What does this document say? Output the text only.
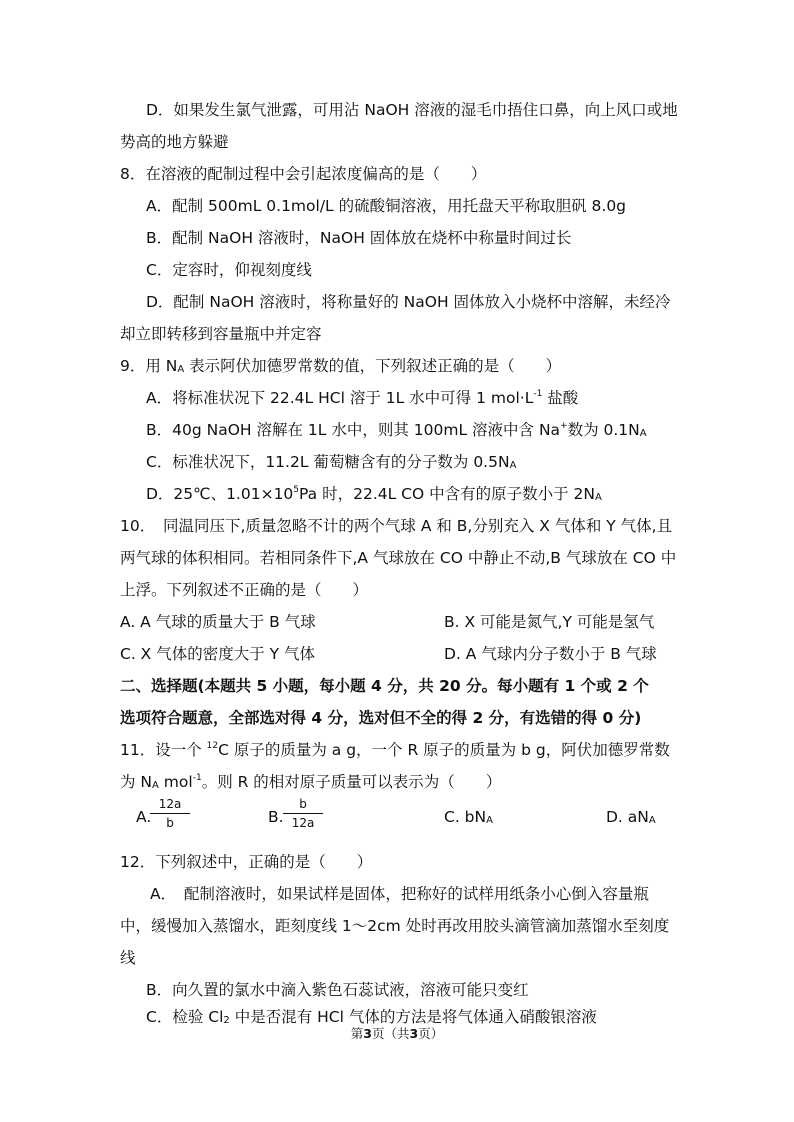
D．如果发生氯气泄露，可用沾 NaOH 溶液的湿毛巾捂住口鼻，向上风口或地
势高的地方躲避
8．在溶液的配制过程中会引起浓度偏高的是（　　）
A．配制 500mL 0.1mol/L 的硫酸铜溶液，用托盘天平称取胆矾 8.0g
B．配制 NaOH 溶液时，NaOH 固体放在烧杯中称量时间过长
C．定容时，仰视刻度线
D．配制 NaOH 溶液时，将称量好的 NaOH 固体放入小烧杯中溶解，未经冷
却立即转移到容量瓶中并定容
9．用 $N_A$ 表示阿伏加德罗常数的值，下列叙述正确的是（　　）
A．将标准状况下 22.4L HCl 溶于 1L 水中可得 1 $mol\cdot L^{-1}$ 盐酸
B．40g NaOH 溶解在 1L 水中，则其 100mL 溶液中含 Na+数为 $0.1N_A$
C．标准状况下，11.2L 葡萄糖含有的分子数为 $0.5N_A$
D．25℃、$1.01\times 10^5Pa$ 时，22.4L CO 中含有的原子数小于 $2N_A$
10．　同温同压下,质量忽略不计的两个气球 A 和 B,分别充入 X 气体和 Y 气体,且
两气球的体积相同。若相同条件下,A 气球放在 CO 中静止不动,B 气球放在 CO 中
上浮。下列叙述不正确的是（　　）
A. A 气球的质量大于 B 气球	B. X 可能是氮气,Y 可能是氢气
C. X 气体的密度大于 Y 气体	D. A 气球内分子数小于 B 气球
二、选择题(本题共 5 小题，每小题 4 分，共 20 分。每小题有 1 个或 2 个
选项符合题意，全部选对得 4 分，选对但不全的得 2 分，有选错的得 0 分)
11．设一个 $^{12}$C 原子的质量为 a g，一个 R 原子的质量为 b g，阿伏加德罗常数
为 $N_A$ mol$^{-1}$。则 R 的相对原子质量可以表示为（　　）
A.
12a
b	B.
b
12a	C. $bN_A$	D. $aN_A$
12．下列叙述中，正确的是（　　）
A．　配制溶液时，如果试样是固体，把称好的试样用纸条小心倒入容量瓶
中，缓慢加入蒸馏水，距刻度线 1～2cm 处时再改用胶头滴管滴加蒸馏水至刻度
线
B．向久置的氯水中滴入紫色石蕊试液，溶液可能只变红
C．检验 $Cl_2$ 中是否混有 HCl 气体的方法是将气体通入硝酸银溶液
第3页（共3页）
